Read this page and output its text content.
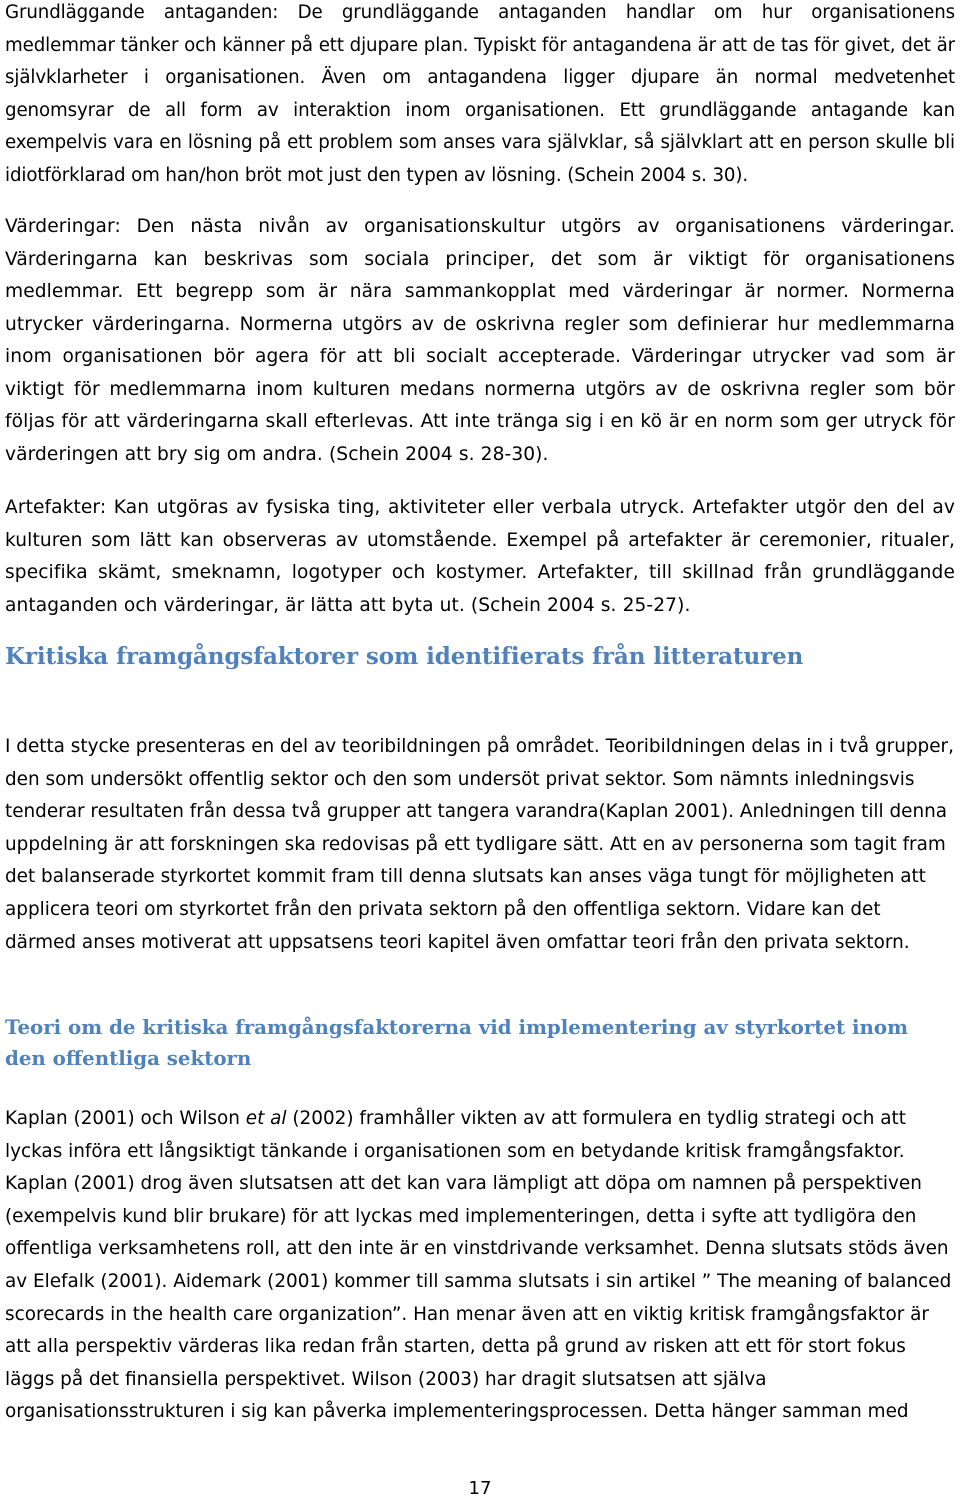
Grundläggande antaganden: De grundläggande antaganden handlar om hur organisationens medlemmar tänker och känner på ett djupare plan. Typiskt för antagandena är att de tas för givet, det är självklarheter i organisationen. Även om antagandena ligger djupare än normal medvetenhet genomsyrar de all form av interaktion inom organisationen. Ett grundläggande antagande kan exempelvis vara en lösning på ett problem som anses vara självklar, så självklart att en person skulle bli idiotförklarad om han/hon bröt mot just den typen av lösning. (Schein 2004 s. 30).

Värderingar: Den nästa nivån av organisationskultur utgörs av organisationens värderingar. Värderingarna kan beskrivas som sociala principer, det som är viktigt för organisationens medlemmar. Ett begrepp som är nära sammankopplat med värderingar är normer. Normerna utrycker värderingarna. Normerna utgörs av de oskrivna regler som definierar hur medlemmarna inom organisationen bör agera för att bli socialt accepterade. Värderingar utrycker vad som är viktigt för medlemmarna inom kulturen medans normerna utgörs av de oskrivna regler som bör följas för att värderingarna skall efterlevas. Att inte tränga sig i en kö är en norm som ger utryck för värderingen att bry sig om andra. (Schein 2004 s. 28-30).

Artefakter: Kan utgöras av fysiska ting, aktiviteter eller verbala utryck. Artefakter utgör den del av kulturen som lätt kan observeras av utomstående. Exempel på artefakter är ceremonier, ritualer, specifika skämt, smeknamn, logotyper och kostymer. Artefakter, till skillnad från grundläggande antaganden och värderingar, är lätta att byta ut. (Schein 2004 s. 25-27).

Kritiska framgångsfaktorer som identifierats från litteraturen

I detta stycke presenteras en del av teoribildningen på området. Teoribildningen delas in i två grupper, den som undersökt offentlig sektor och den som undersöt privat sektor. Som nämnts inledningsvis tenderar resultaten från dessa två grupper att tangera varandra(Kaplan 2001). Anledningen till denna uppdelning är att forskningen ska redovisas på ett tydligare sätt. Att en av personerna som tagit fram det balanserade styrkortet kommit fram till denna slutsats kan anses väga tungt för möjligheten att applicera teori om styrkortet från den privata sektorn på den offentliga sektorn. Vidare kan det därmed anses motiverat att uppsatsens teori kapitel även omfattar teori från den privata sektorn.

Teori om de kritiska framgångsfaktorerna vid implementering av styrkortet inom den offentliga sektorn

Kaplan (2001) och Wilson et al (2002) framhåller vikten av att formulera en tydlig strategi och att lyckas införa ett långsiktigt tänkande i organisationen som en betydande kritisk framgångsfaktor. Kaplan (2001) drog även slutsatsen att det kan vara lämpligt att döpa om namnen på perspektiven (exempelvis kund blir brukare) för att lyckas med implementeringen, detta i syfte att tydligöra den offentliga verksamhetens roll, att den inte är en vinstdrivande verksamhet. Denna slutsats stöds även av Elefalk (2001). Aidemark (2001) kommer till samma slutsats i sin artikel ” The meaning of balanced scorecards in the health care organization”. Han menar även att en viktig kritisk framgångsfaktor är att alla perspektiv värderas lika redan från starten, detta på grund av risken att ett för stort fokus läggs på det finansiella perspektivet. Wilson (2003) har dragit slutsatsen att själva organisationsstrukturen i sig kan påverka implementeringsprocessen. Detta hänger samman med

17
